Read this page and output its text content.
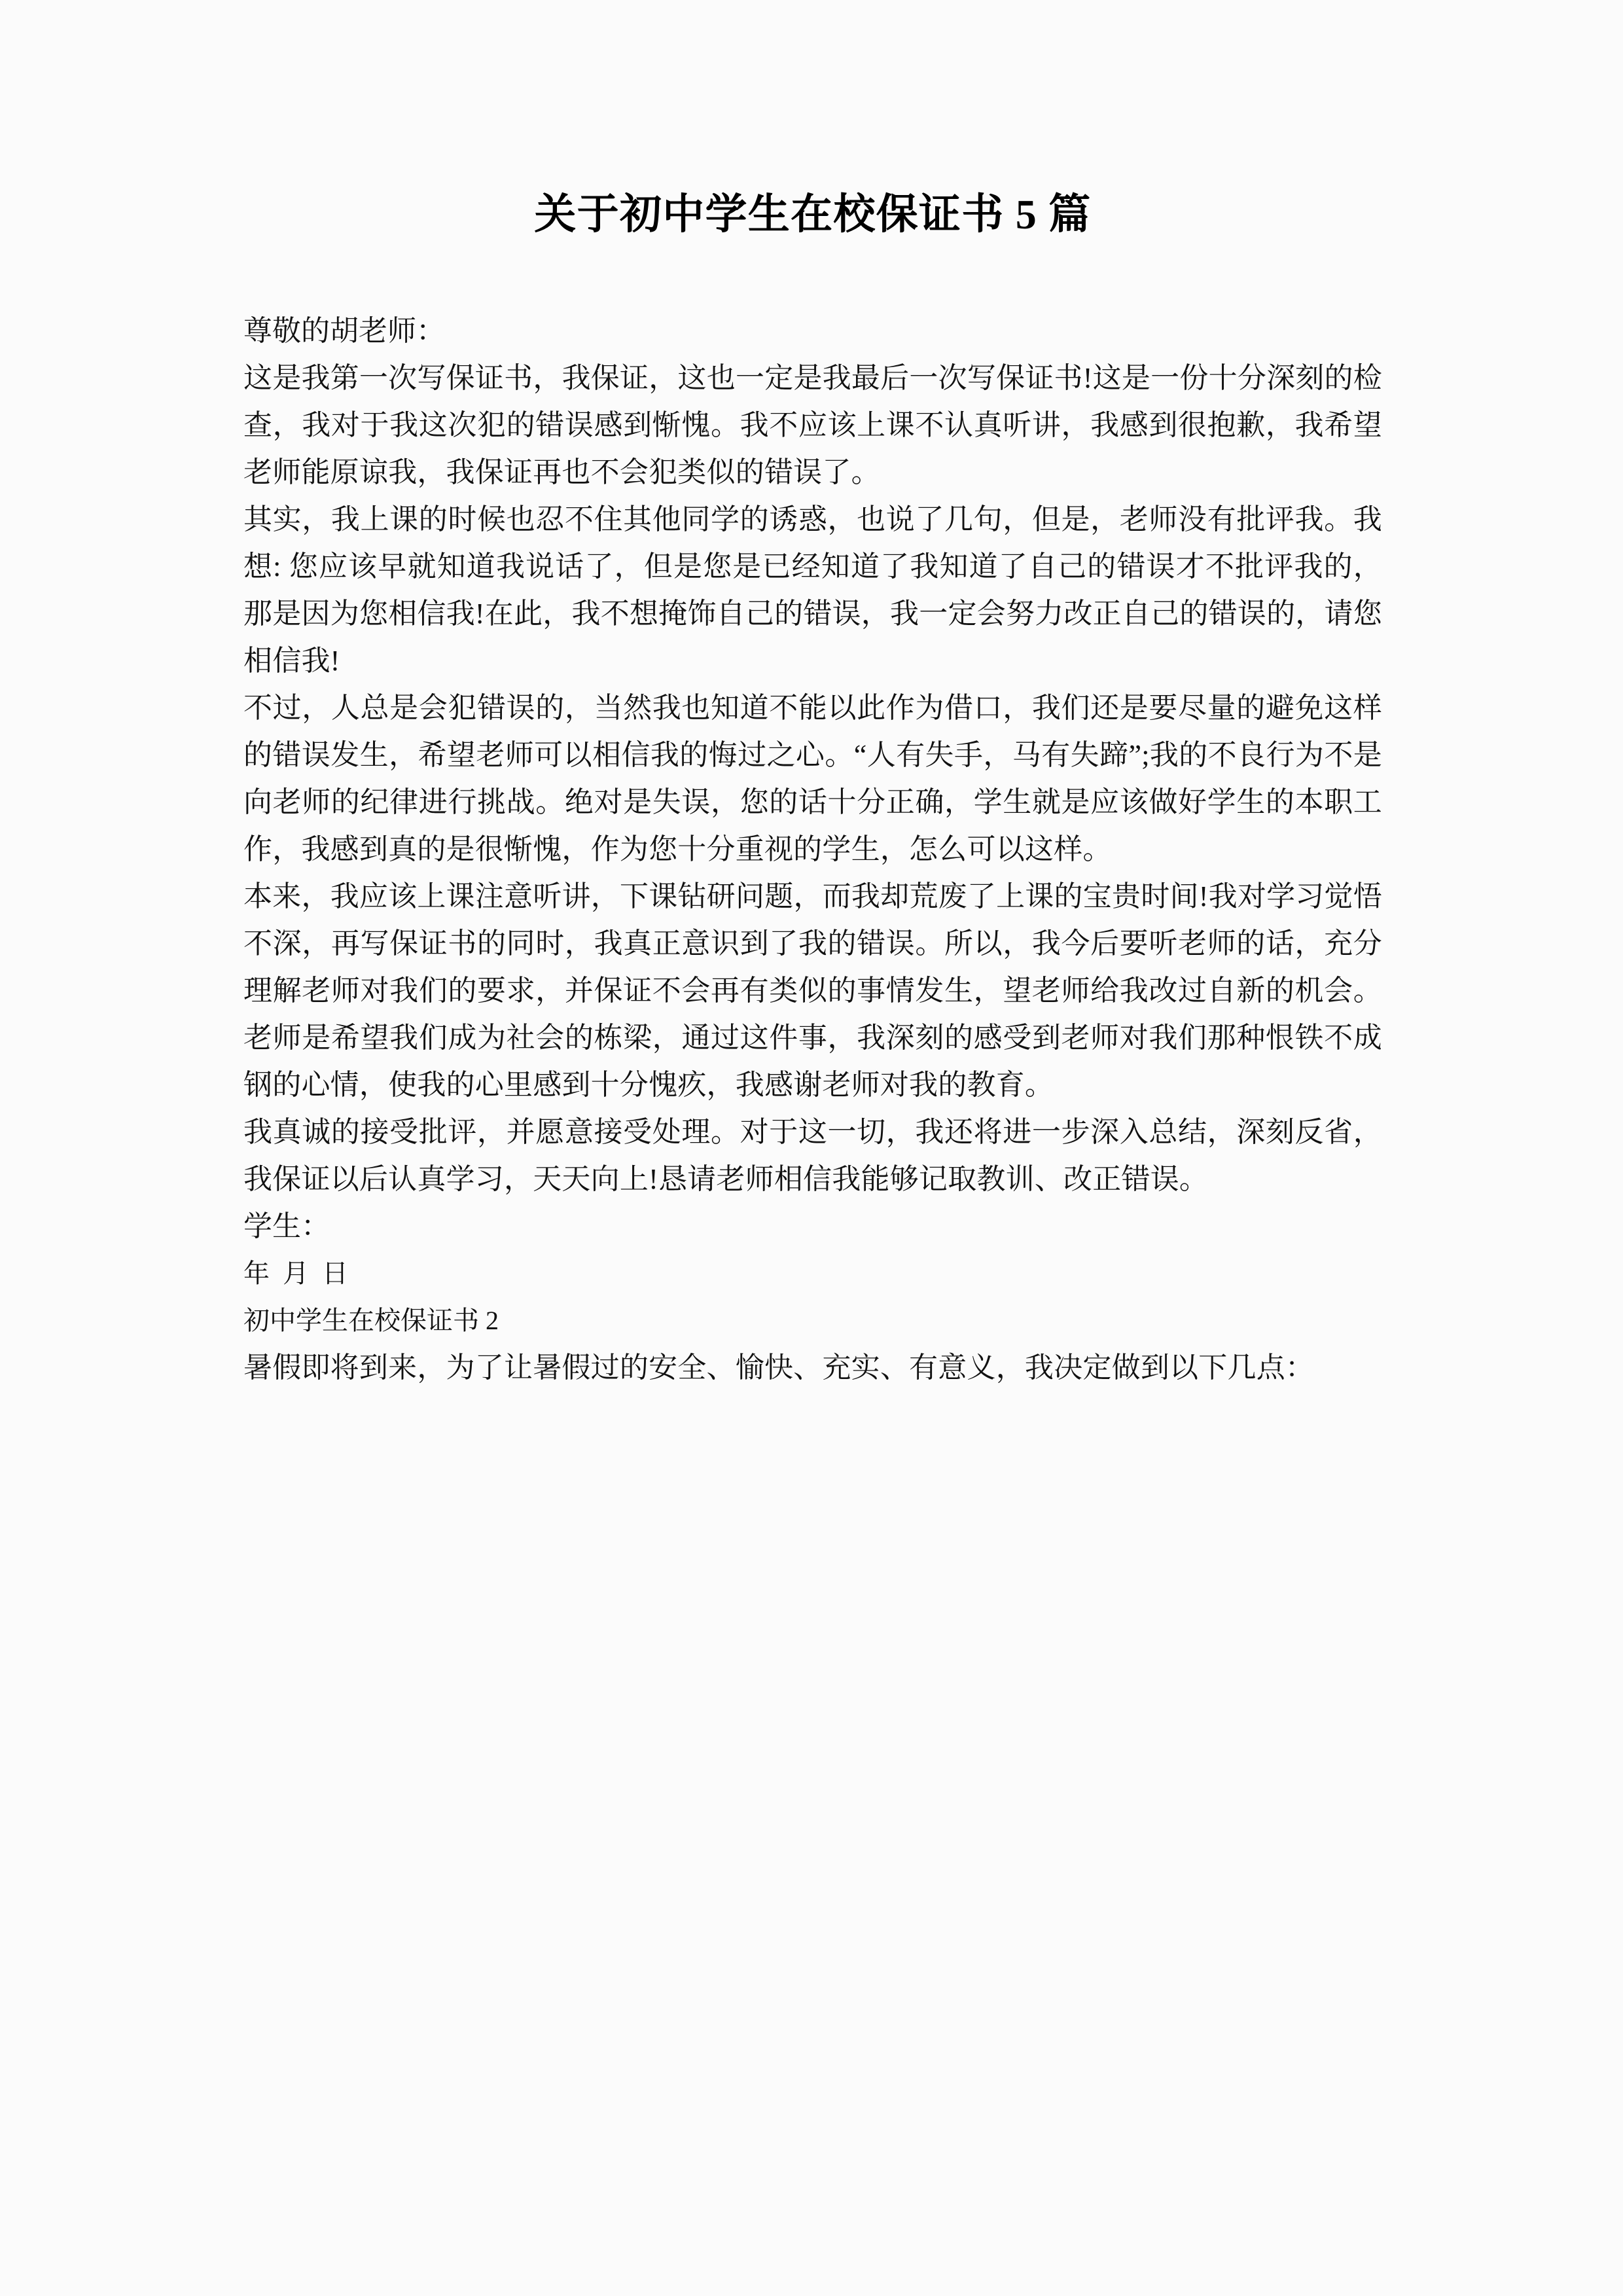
关于初中学生在校保证书 5 篇

尊敬的胡老师：

这是我第一次写保证书，我保证，这也一定是我最后一次写保证书!这是一份十分深刻的检查，我对于我这次犯的错误感到惭愧。我不应该上课不认真听讲，我感到很抱歉，我希望老师能原谅我，我保证再也不会犯类似的错误了。

其实，我上课的时候也忍不住其他同学的诱惑，也说了几句，但是，老师没有批评我。我想: 您应该早就知道我说话了，但是您是已经知道了我知道了自己的错误才不批评我的，那是因为您相信我!在此，我不想掩饰自己的错误，我一定会努力改正自己的错误的，请您相信我!

不过，人总是会犯错误的，当然我也知道不能以此作为借口，我们还是要尽量的避免这样的错误发生，希望老师可以相信我的悔过之心。“人有失手，马有失蹄”;我的不良行为不是向老师的纪律进行挑战。绝对是失误，您的话十分正确，学生就是应该做好学生的本职工作，我感到真的是很惭愧，作为您十分重视的学生，怎么可以这样。

本来，我应该上课注意听讲，下课钻研问题，而我却荒废了上课的宝贵时间!我对学习觉悟不深，再写保证书的同时，我真正意识到了我的错误。所以，我今后要听老师的话，充分理解老师对我们的要求，并保证不会再有类似的事情发生，望老师给我改过自新的机会。老师是希望我们成为社会的栋梁，通过这件事，我深刻的感受到老师对我们那种恨铁不成钢的心情，使我的心里感到十分愧疚，我感谢老师对我的教育。

我真诚的接受批评，并愿意接受处理。对于这一切，我还将进一步深入总结，深刻反省，我保证以后认真学习，天天向上!恳请老师相信我能够记取教训、改正错误。

学生：

年  月  日

初中学生在校保证书 2

暑假即将到来，为了让暑假过的安全、愉快、充实、有意义，我决定做到以下几点：
